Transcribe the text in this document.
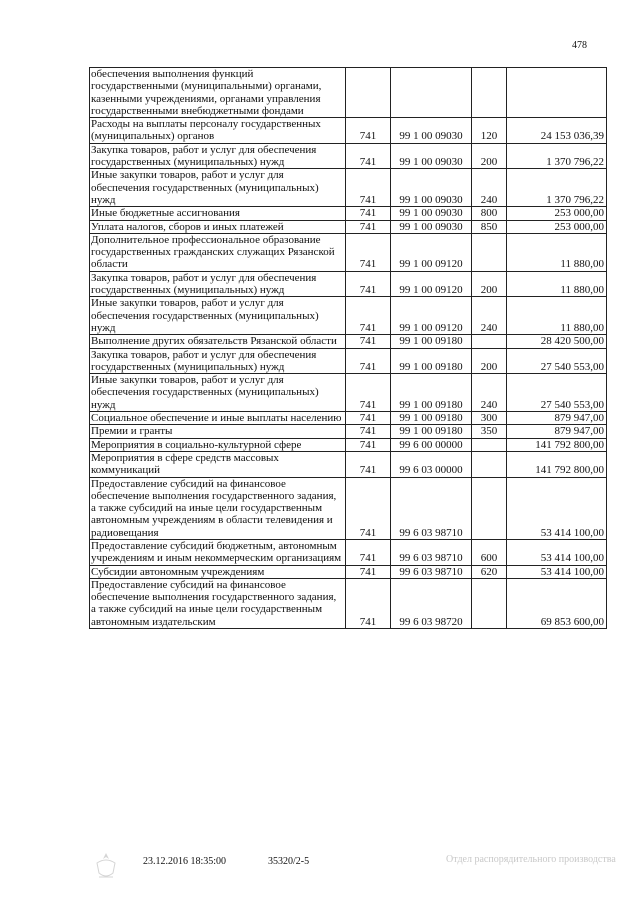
478
обеспечения выполнения функций государственными (муниципальными) органами, казенными учреждениями, органами управления государственными внебюджетными фондами				
Расходы на выплаты персоналу государственных (муниципальных) органов	741	99 1 00 09030	120	24 153 036,39
Закупка товаров, работ и услуг для обеспечения государственных (муниципальных) нужд	741	99 1 00 09030	200	1 370 796,22
Иные закупки товаров, работ и услуг для обеспечения государственных (муниципальных) нужд	741	99 1 00 09030	240	1 370 796,22
Иные бюджетные ассигнования	741	99 1 00 09030	800	253 000,00
Уплата налогов, сборов и иных платежей	741	99 1 00 09030	850	253 000,00
Дополнительное профессиональное образование государственных гражданских служащих Рязанской области	741	99 1 00 09120		11 880,00
Закупка товаров, работ и услуг для обеспечения государственных (муниципальных) нужд	741	99 1 00 09120	200	11 880,00
Иные закупки товаров, работ и услуг для обеспечения государственных (муниципальных) нужд	741	99 1 00 09120	240	11 880,00
Выполнение других обязательств Рязанской области	741	99 1 00 09180		28 420 500,00
Закупка товаров, работ и услуг для обеспечения государственных (муниципальных) нужд	741	99 1 00 09180	200	27 540 553,00
Иные закупки товаров, работ и услуг для обеспечения государственных (муниципальных) нужд	741	99 1 00 09180	240	27 540 553,00
Социальное обеспечение и иные выплаты населению	741	99 1 00 09180	300	879 947,00
Премии и гранты	741	99 1 00 09180	350	879 947,00
Мероприятия в социально-культурной сфере	741	99 6 00 00000		141 792 800,00
Мероприятия в сфере средств массовых коммуникаций	741	99 6 03 00000		141 792 800,00
Предоставление субсидий на финансовое обеспечение выполнения государственного задания, а также субсидий на иные цели государственным автономным учреждениям в области телевидения и радиовещания	741	99 6 03 98710		53 414 100,00
Предоставление субсидий бюджетным, автономным учреждениям и иным некоммерческим организациям	741	99 6 03 98710	600	53 414 100,00
Субсидии автономным учреждениям	741	99 6 03 98710	620	53 414 100,00
Предоставление субсидий на финансовое обеспечение выполнения государственного задания, а также субсидий на иные цели государственным автономным издательским	741	99 6 03 98720		69 853 600,00
23.12.2016 18:35:00	35320/2-5	Отдел распорядительного производства
